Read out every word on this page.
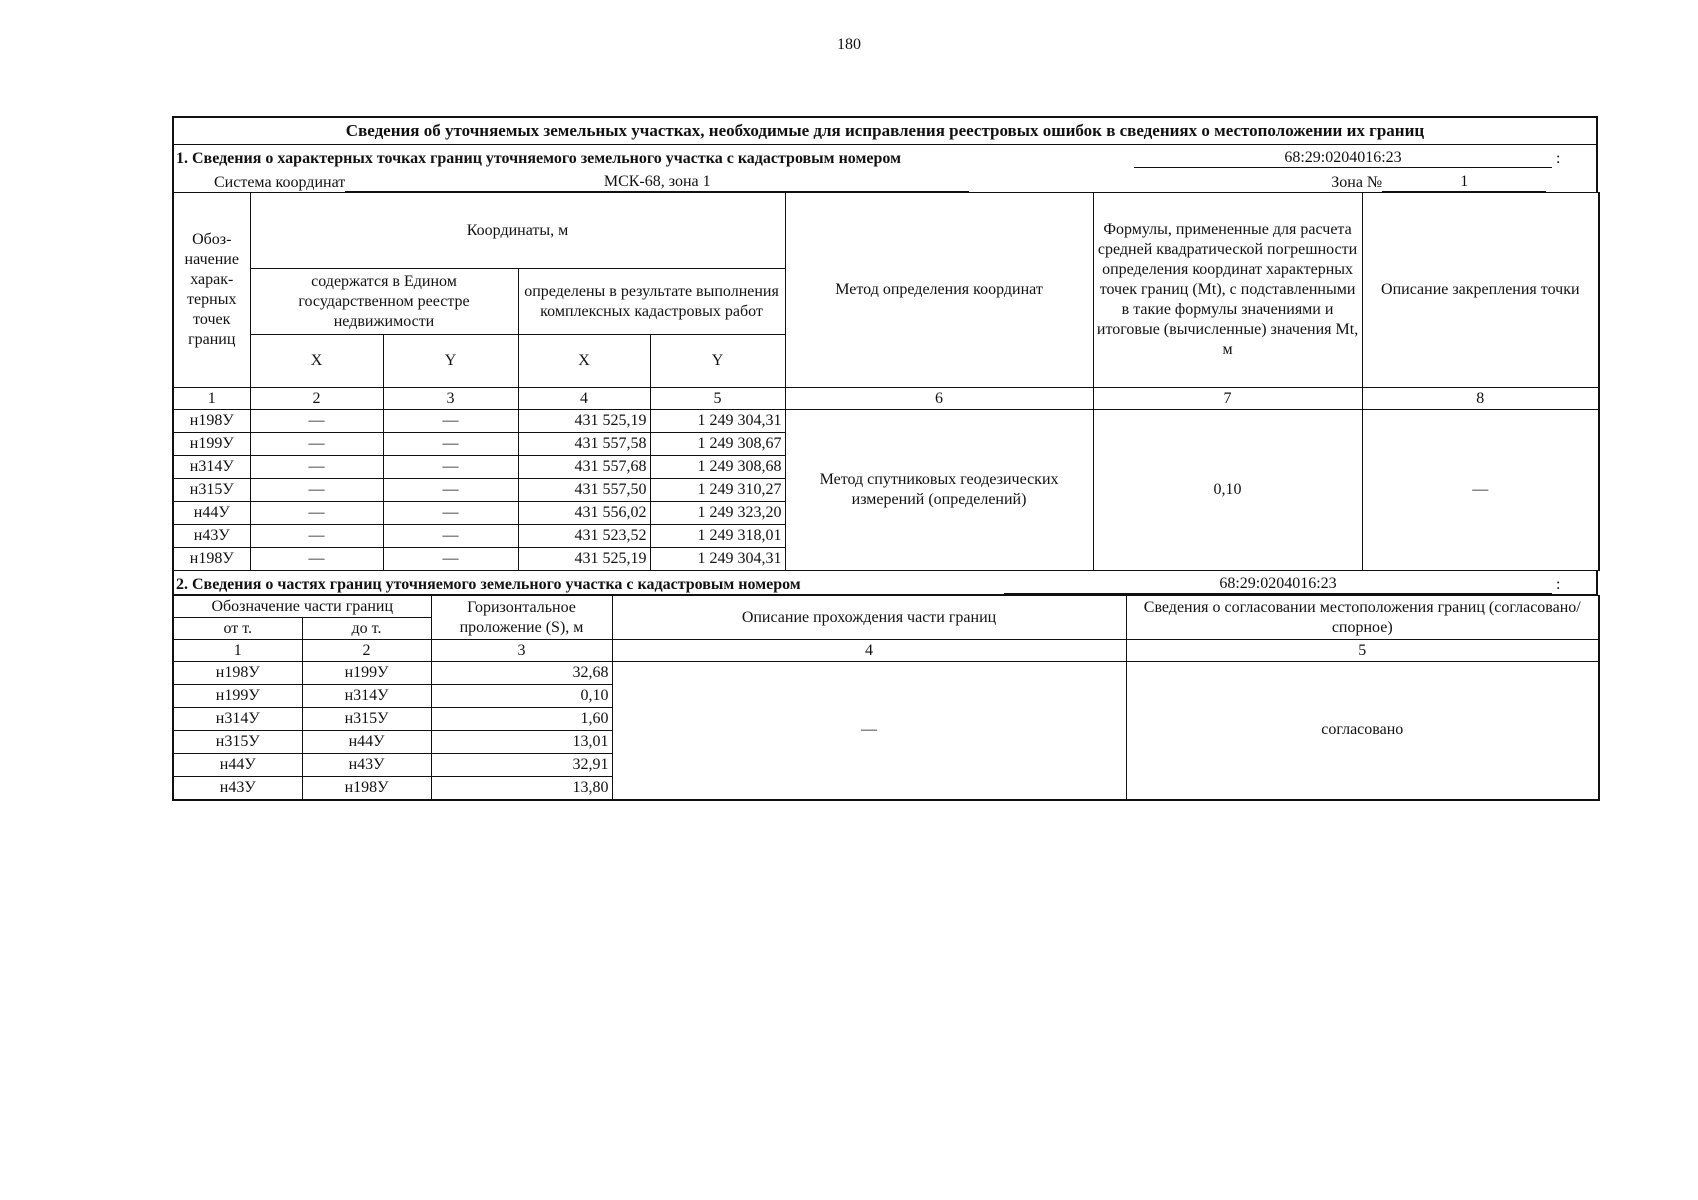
180
Сведения об уточняемых земельных участках, необходимые для исправления реестровых ошибок в сведениях о местоположении их границ
1. Сведения о характерных точках границ уточняемого земельного участка с кадастровым номером	68:29:0204016:23	:
Система координат	МСК-68, зона 1	Зона №	1
Обоз-начение харак-терных точек границ	Координаты, м				Метод определения координат	Формулы, примененные для расчета средней квадратической погрешности определения координат характерных точек границ (Mt), с подставленными в такие формулы значениями и итоговые (вычисленные) значения Mt, м	Описание закрепления точки
	содержатся в Едином государственном реестре недвижимости		определены в результате выполнения комплексных кадастровых работ				
	X	Y	X	Y			
1	2	3	4	5	6	7	8
н198У	—	—	431 525,19	1 249 304,31	Метод спутниковых геодезических измерений (определений)	0,10	—
н199У	—	—	431 557,58	1 249 308,67			
н314У	—	—	431 557,68	1 249 308,68			
н315У	—	—	431 557,50	1 249 310,27			
н44У	—	—	431 556,02	1 249 323,20			
н43У	—	—	431 523,52	1 249 318,01			
н198У	—	—	431 525,19	1 249 304,31			
2. Сведения о частях границ уточняемого земельного участка с кадастровым номером	68:29:0204016:23	:
Обозначение части границ		Горизонтальное проложение (S), м	Описание прохождения части границ	Сведения о согласовании местоположения границ (согласовано/спорное)
от т.	до т.			
1	2	3	4	5
н198У	н199У	32,68	—	согласовано
н199У	н314У	0,10		
н314У	н315У	1,60		
н315У	н44У	13,01		
н44У	н43У	32,91		
н43У	н198У	13,80		
